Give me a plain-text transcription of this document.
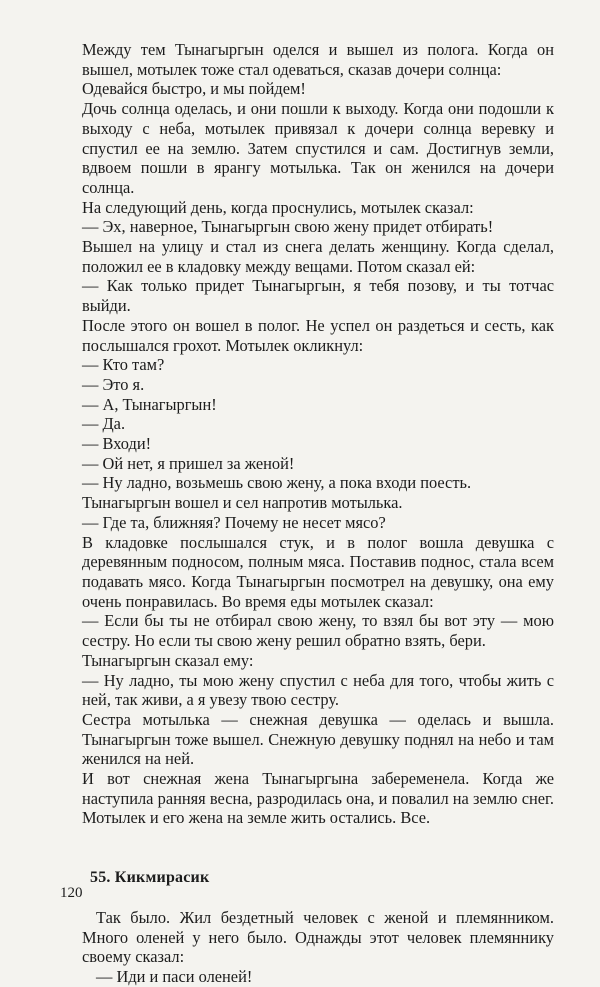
Между тем Тынагыргын оделся и вышел из полога. Когда он вышел, мотылек тоже стал одеваться, сказав дочери солнца:

Одевайся быстро, и мы пойдем!

Дочь солнца оделась, и они пошли к выходу. Когда они подошли к выходу с неба, мотылек привязал к дочери солнца веревку и спустил ее на землю. Затем спустился и сам. Достигнув земли, вдвоем пошли в ярангу мотылька. Так он женился на дочери солнца.

На следующий день, когда проснулись, мотылек сказал:

— Эх, наверное, Тынагыргын свою жену придет отбирать!

Вышел на улицу и стал из снега делать женщину. Когда сделал, положил ее в кладовку между вещами. Потом сказал ей:

— Как только придет Тынагыргын, я тебя позову, и ты тотчас выйди.

После этого он вошел в полог. Не успел он раздеться и сесть, как послышался грохот. Мотылек окликнул:

— Кто там?

— Это я.

— А, Тынагыргын!

— Да.

— Входи!

— Ой нет, я пришел за женой!

— Ну ладно, возьмешь свою жену, а пока входи поесть.

Тынагыргын вошел и сел напротив мотылька.

— Где та, ближняя? Почему не несет мясо?

В кладовке послышался стук, и в полог вошла девушка с деревянным подносом, полным мяса. Поставив поднос, стала всем подавать мясо. Когда Тынагыргын посмотрел на девушку, она ему очень понравилась. Во время еды мотылек сказал:

— Если бы ты не отбирал свою жену, то взял бы вот эту — мою сестру. Но если ты свою жену решил обратно взять, бери.

Тынагыргын сказал ему:

— Ну ладно, ты мою жену спустил с неба для того, чтобы жить с ней, так живи, а я увезу твою сестру.

Сестра мотылька — снежная девушка — оделась и вышла. Тынагыргын тоже вышел. Снежную девушку поднял на небо и там женился на ней.

И вот снежная жена Тынагыргына забеременела. Когда же наступила ранняя весна, разродилась она, и повалил на землю снег. Мотылек и его жена на земле жить остались. Все.

55. Кикмирасик

Так было. Жил бездетный человек с женой и племянником. Много оленей у него было. Однажды этот человек племяннику своему сказал:

— Иди и паси оленей!

120
